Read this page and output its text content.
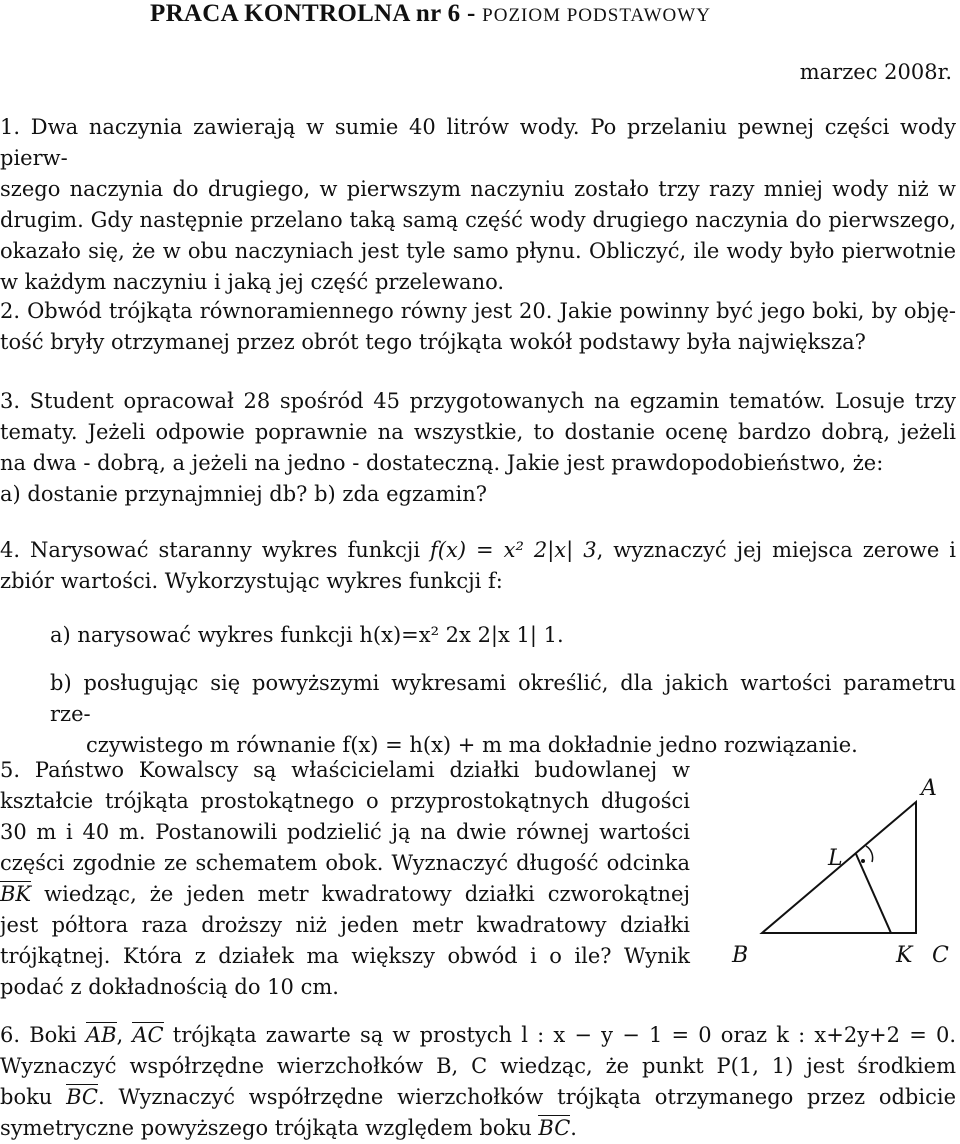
PRACA KONTROLNA nr 6 - POZIOM PODSTAWOWY
marzec 2008r.
1. Dwa naczynia zawierają w sumie 40 litrów wody. Po przelaniu pewnej części wody pierw-
szego naczynia do drugiego, w pierwszym naczyniu zostało trzy razy mniej wody niż w
drugim. Gdy następnie przelano taką samą część wody drugiego naczynia do pierwszego,
okazało się, że w obu naczyniach jest tyle samo płynu. Obliczyć, ile wody było pierwotnie
w każdym naczyniu i jaką jej część przelewano.
2. Obwód trójkąta równoramiennego równy jest 20. Jakie powinny być jego boki, by obję-
tość bryły otrzymanej przez obrót tego trójkąta wokół podstawy była największa?
3. Student opracował 28 spośród 45 przygotowanych na egzamin tematów. Losuje trzy
tematy. Jeżeli odpowie poprawnie na wszystkie, to dostanie ocenę bardzo dobrą, jeżeli
na dwa - dobrą, a jeżeli na jedno - dostateczną. Jakie jest prawdopodobieństwo, że:
a) dostanie przynajmniej db? b) zda egzamin?
4. Narysować staranny wykres funkcji f(x) = x² 2|x| 3, wyznaczyć jej miejsca zerowe i
zbiór wartości. Wykorzystując wykres funkcji f:
a) narysować wykres funkcji h(x)=x² 2x 2|x 1| 1.
b) posługując się powyższymi wykresami określić, dla jakich wartości parametru rze-
czywistego m równanie f(x) = h(x) + m ma dokładnie jedno rozwiązanie.
5. Państwo Kowalscy są właścicielami działki budowlanej w
kształcie trójkąta prostokątnego o przyprostokątnych długości
30 m i 40 m. Postanowili podzielić ją na dwie równej wartości
części zgodnie ze schematem obok. Wyznaczyć długość odcinka
BK wiedząc, że jeden metr kwadratowy działki czworokątnej
jest półtora raza droższy niż jeden metr kwadratowy działki
trójkątnej. Która z działek ma większy obwód i o ile? Wynik
podać z dokładnością do 10 cm.
A
L
B	K C
6. Boki AB, AC trójkąta zawarte są w prostych l : x − y − 1 = 0 oraz k : x+2y+2 = 0.
Wyznaczyć współrzędne wierzchołków B, C wiedząc, że punkt P(1, 1) jest środkiem
boku BC. Wyznaczyć współrzędne wierzchołków trójkąta otrzymanego przez odbicie
symetryczne powyższego trójkąta względem boku BC.
